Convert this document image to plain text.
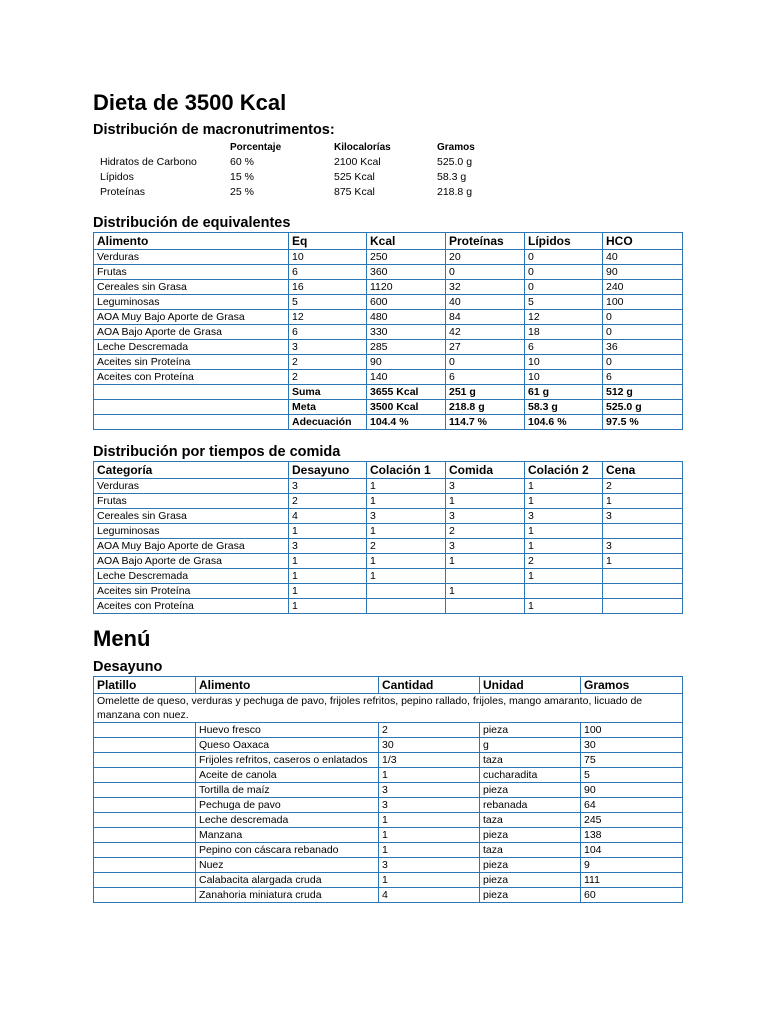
Dieta de 3500 Kcal
Distribución de macronutrimentos:
	Porcentaje	Kilocalorías	Gramos
Hidratos de Carbono	60 %	2100 Kcal	525.0 g
Lípidos	15 %	525 Kcal	58.3 g
Proteínas	25 %	875 Kcal	218.8 g
Distribución de equivalentes
Alimento	Eq	Kcal	Proteínas	Lípidos	HCO
Verduras	10	250	20	0	40
Frutas	6	360	0	0	90
Cereales sin Grasa	16	1120	32	0	240
Leguminosas	5	600	40	5	100
AOA Muy Bajo Aporte de Grasa	12	480	84	12	0
AOA Bajo Aporte de Grasa	6	330	42	18	0
Leche Descremada	3	285	27	6	36
Aceites sin Proteína	2	90	0	10	0
Aceites con Proteína	2	140	6	10	6
	Suma	3655 Kcal	251 g	61 g	512 g
	Meta	3500 Kcal	218.8 g	58.3 g	525.0 g
	Adecuación	104.4 %	114.7 %	104.6 %	97.5 %
Distribución por tiempos de comida
Categoría	Desayuno	Colación 1	Comida	Colación 2	Cena
Verduras	3	1	3	1	2
Frutas	2	1	1	1	1
Cereales sin Grasa	4	3	3	3	3
Leguminosas	1	1	2	1	
AOA Muy Bajo Aporte de Grasa	3	2	3	1	3
AOA Bajo Aporte de Grasa	1	1	1	2	1
Leche Descremada	1	1		1	
Aceites sin Proteína	1		1		
Aceites con Proteína	1			1	
Menú
Desayuno
Platillo	Alimento	Cantidad	Unidad	Gramos
Omelette de queso, verduras y pechuga de pavo, frijoles refritos, pepino rallado, frijoles, mango amaranto, licuado de manzana con nuez.				
	Huevo fresco	2	pieza	100
	Queso Oaxaca	30	g	30
	Frijoles refritos, caseros o enlatados	1/3	taza	75
	Aceite de canola	1	cucharadita	5
	Tortilla de maíz	3	pieza	90
	Pechuga de pavo	3	rebanada	64
	Leche descremada	1	taza	245
	Manzana	1	pieza	138
	Pepino con cáscara rebanado	1	taza	104
	Nuez	3	pieza	9
	Calabacita alargada cruda	1	pieza	111
	Zanahoria miniatura cruda	4	pieza	60
